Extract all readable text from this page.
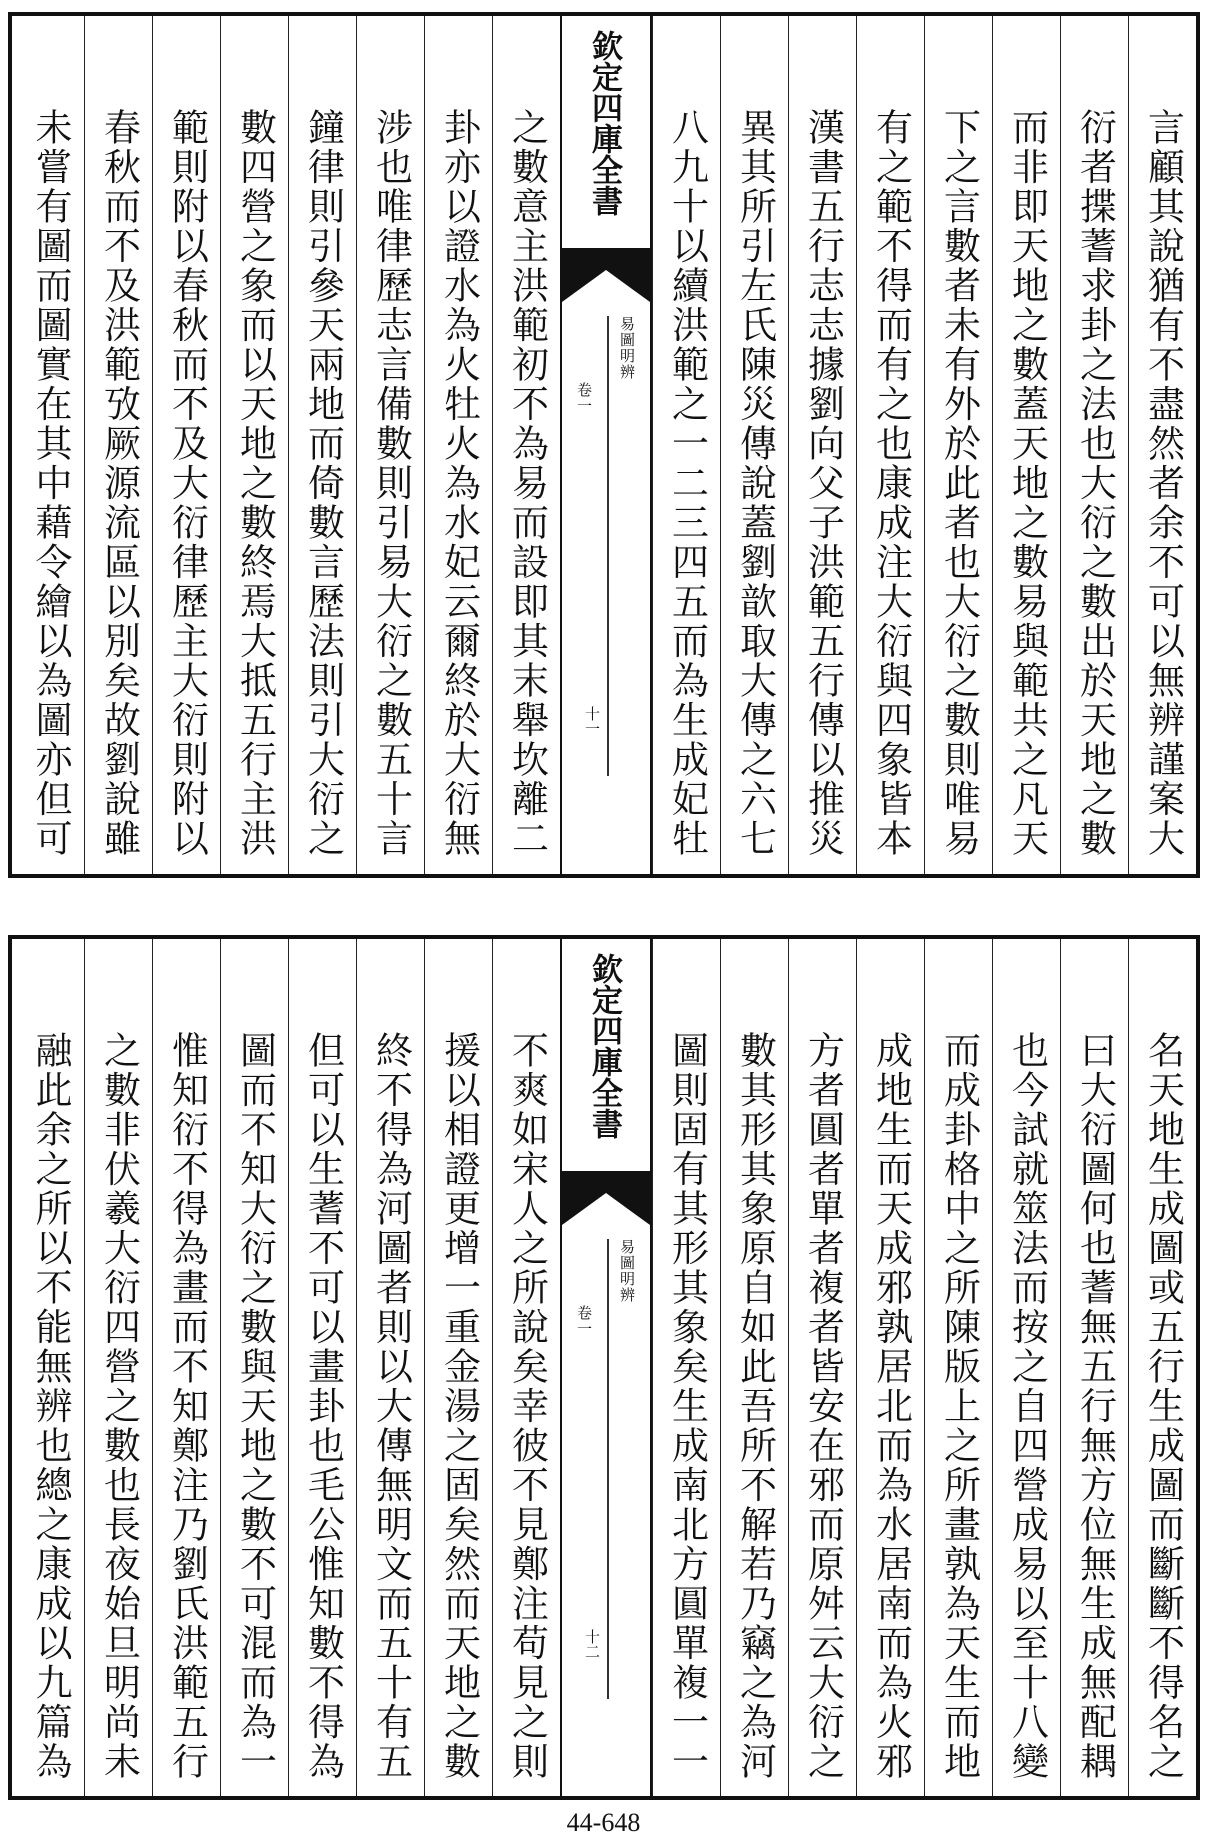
言顧其說猶有不盡然者余不可以無辨謹案大
衍者揲蓍求卦之法也大衍之數出於天地之數
而非即天地之數蓋天地之數易與範共之凡天
下之言數者未有外於此者也大衍之數則唯易
有之範不得而有之也康成注大衍與四象皆本
漢書五行志志據劉向父子洪範五行傳以推災
異其所引左氏陳災傳說蓋劉歆取大傳之六七
八九十以續洪範之一二三四五而為生成妃牡
欽定四庫全書
易圖明辨
卷一
十一
之數意主洪範初不為易而設即其末舉坎離二
卦亦以證水為火牡火為水妃云爾終於大衍無
涉也唯律歷志言備數則引易大衍之數五十言
鐘律則引參天兩地而倚數言歷法則引大衍之
數四營之象而以天地之數終焉大抵五行主洪
範則附以春秋而不及大衍律歷主大衍則附以
春秋而不及洪範攷厥源流區以別矣故劉說雖
未嘗有圖而圖實在其中藉令繪以為圖亦但可
名天地生成圖或五行生成圖而斷斷不得名之
曰大衍圖何也蓍無五行無方位無生成無配耦
也今試就筮法而按之自四營成易以至十八變
而成卦格中之所陳版上之所畫孰為天生而地
成地生而天成邪孰居北而為水居南而為火邪
方者圓者單者複者皆安在邪而原舛云大衍之
數其形其象原自如此吾所不解若乃竊之為河
圖則固有其形其象矣生成南北方圓單複一一
欽定四庫全書
易圖明辨
卷一
十二
不爽如宋人之所說矣幸彼不見鄭注苟見之則
援以相證更增一重金湯之固矣然而天地之數
終不得為河圖者則以大傳無明文而五十有五
但可以生蓍不可以畫卦也毛公惟知數不得為
圖而不知大衍之數與天地之數不可混而為一
惟知衍不得為畫而不知鄭注乃劉氏洪範五行
之數非伏羲大衍四營之數也長夜始旦明尚未
融此余之所以不能無辨也總之康成以九篇為
44-648
